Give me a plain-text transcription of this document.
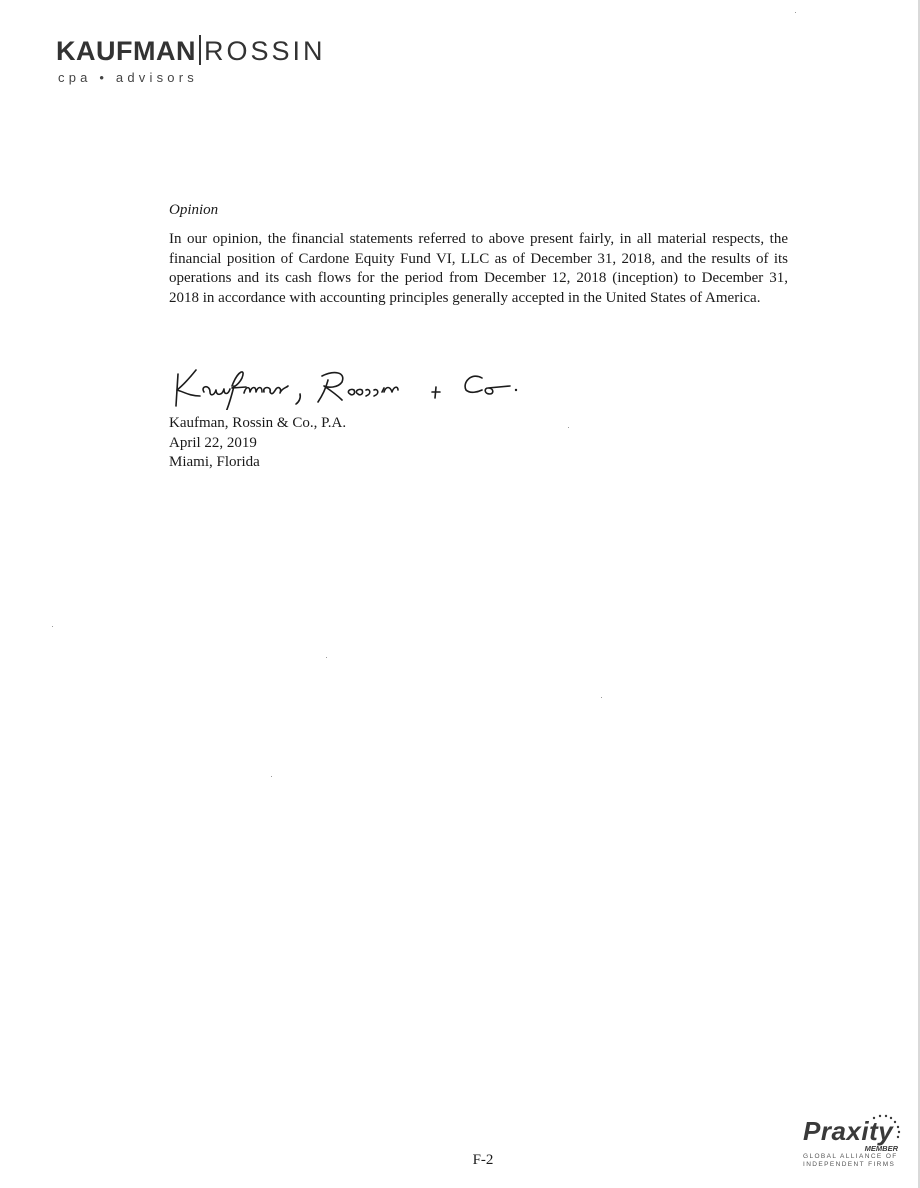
KAUFMAN ROSSIN
cpa • advisors

Opinion

In our opinion, the financial statements referred to above present fairly, in all material respects, the financial position of Cardone Equity Fund VI, LLC as of December 31, 2018, and the results of its operations and its cash flows for the period from December 12, 2018 (inception) to December 31, 2018 in accordance with accounting principles generally accepted in the United States of America.

Kaufman, Rossin & Co., P.A.
April 22, 2019
Miami, Florida
F-2
Praxity
MEMBER
GLOBAL ALLIANCE OF
INDEPENDENT FIRMS
